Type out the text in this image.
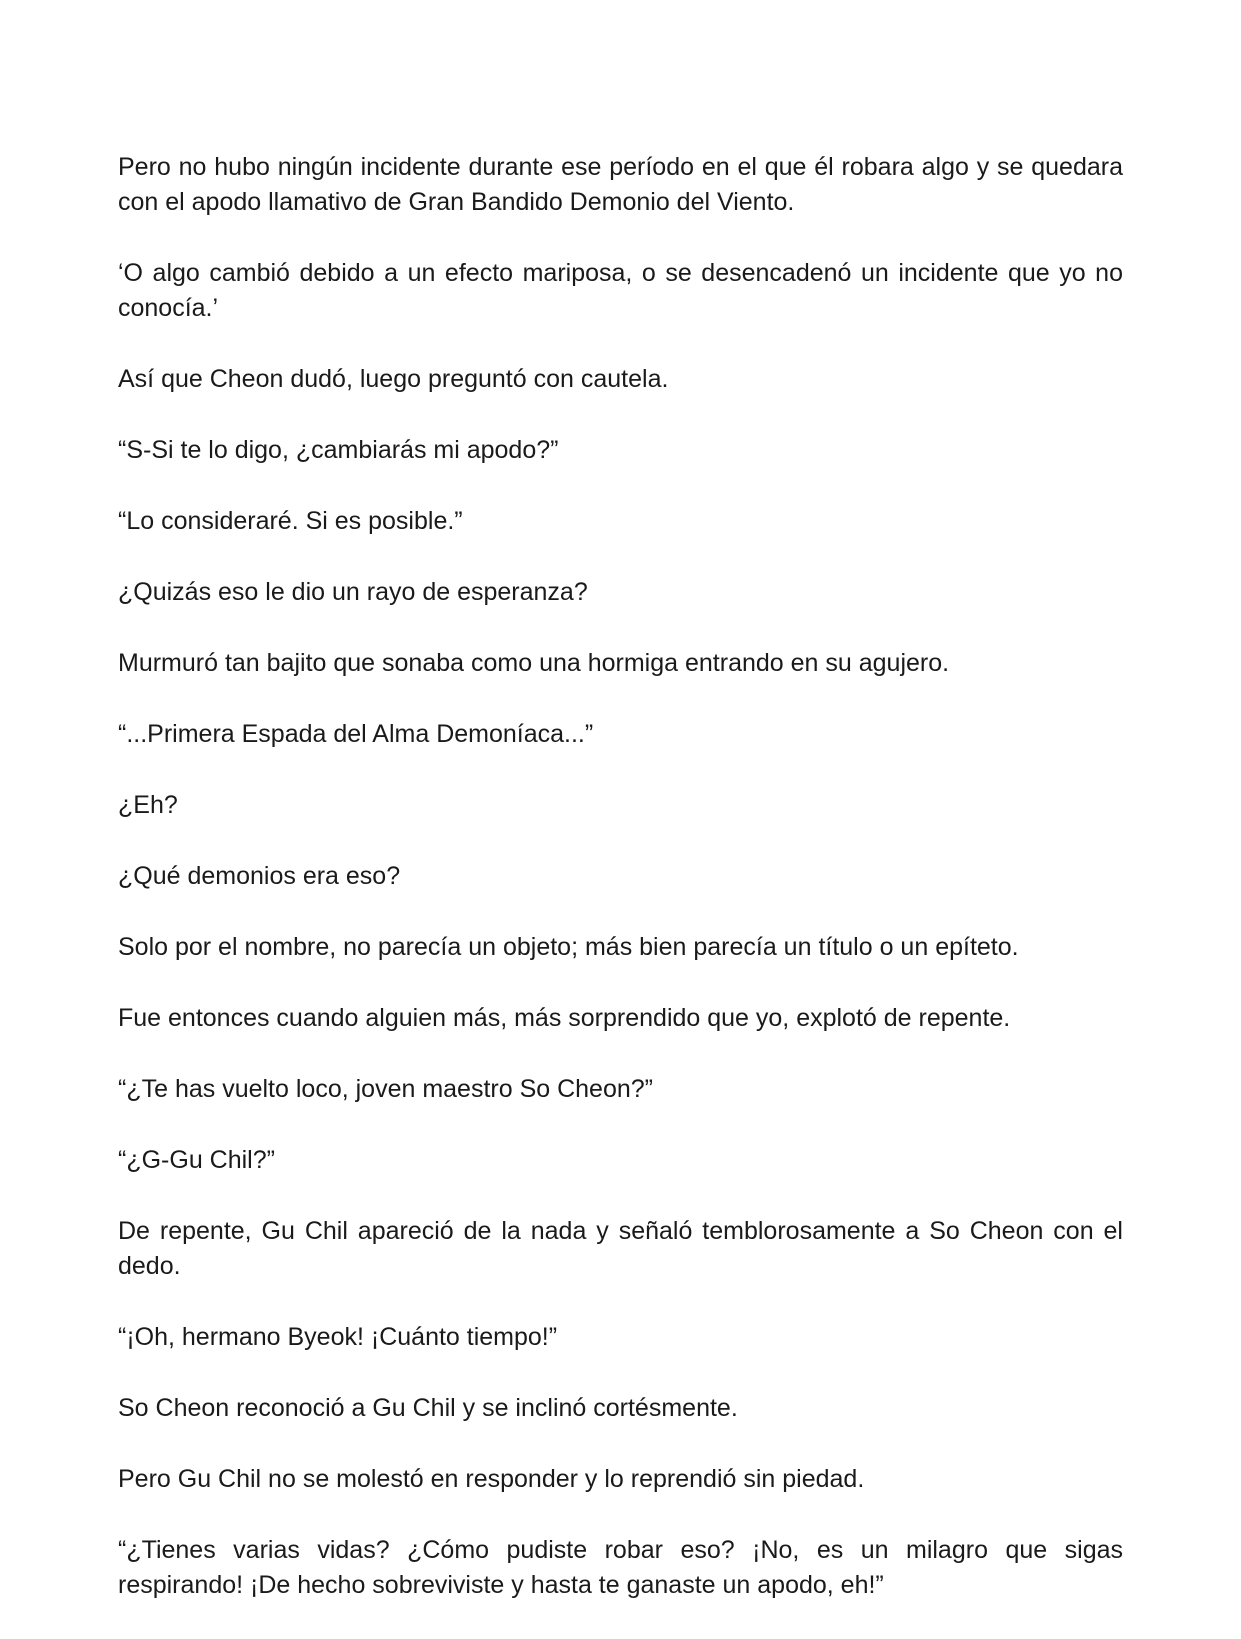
Pero no hubo ningún incidente durante ese período en el que él robara algo y se quedara con el apodo llamativo de Gran Bandido Demonio del Viento.

‘O algo cambió debido a un efecto mariposa, o se desencadenó un incidente que yo no conocía.’

Así que Cheon dudó, luego preguntó con cautela.

“S-Si te lo digo, ¿cambiarás mi apodo?”

“Lo consideraré. Si es posible.”

¿Quizás eso le dio un rayo de esperanza?

Murmuró tan bajito que sonaba como una hormiga entrando en su agujero.

“...Primera Espada del Alma Demoníaca...”

¿Eh?

¿Qué demonios era eso?

Solo por el nombre, no parecía un objeto; más bien parecía un título o un epíteto.

Fue entonces cuando alguien más, más sorprendido que yo, explotó de repente.

“¿Te has vuelto loco, joven maestro So Cheon?”

“¿G-Gu Chil?”

De repente, Gu Chil apareció de la nada y señaló temblorosamente a So Cheon con el dedo.

“¡Oh, hermano Byeok! ¡Cuánto tiempo!”

So Cheon reconoció a Gu Chil y se inclinó cortésmente.

Pero Gu Chil no se molestó en responder y lo reprendió sin piedad.

“¿Tienes varias vidas? ¿Cómo pudiste robar eso? ¡No, es un milagro que sigas respirando! ¡De hecho sobreviviste y hasta te ganaste un apodo, eh!”
